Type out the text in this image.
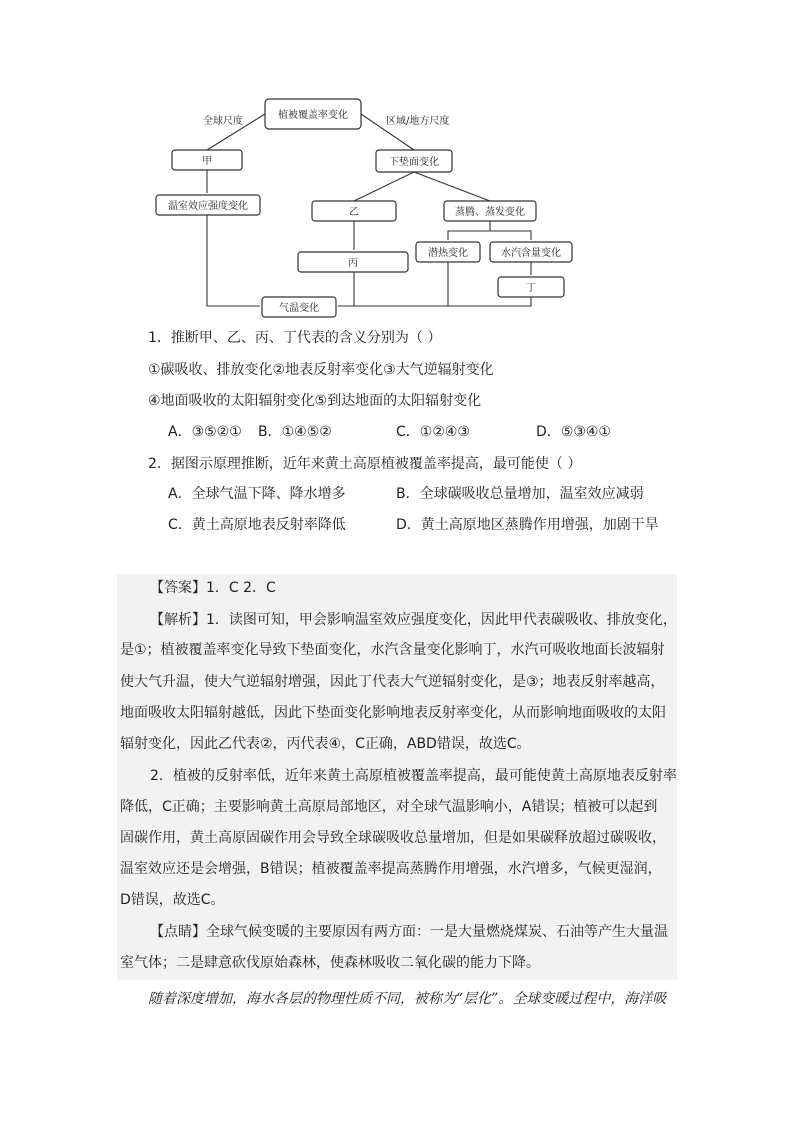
植被覆盖率变化
全球尺度	区域/地方尺度
甲
温室效应强度变化
下垫面变化
乙	蒸腾、蒸发变化
丙
潜热变化	水汽含量变化
丁
气温变化
1．推断甲、乙、丙、丁代表的含义分别为（ ）
①碳吸收、排放变化②地表反射率变化③大气逆辐射变化
④地面吸收的太阳辐射变化⑤到达地面的太阳辐射变化
A．③⑤②① B．①④⑤②	C．①②④③	D．⑤③④①
2．据图示原理推断，近年来黄土高原植被覆盖率提高，最可能使（ ）
A．全球气温下降、降水增多	B．全球碳吸收总量增加，温室效应减弱
C．黄土高原地表反射率降低	D．黄土高原地区蒸腾作用增强，加剧干旱
【答案】1．C 2．C
【解析】1．读图可知，甲会影响温室效应强度变化，因此甲代表碳吸收、排放变化，
是①；植被覆盖率变化导致下垫面变化，水汽含量变化影响丁，水汽可吸收地面长波辐射
使大气升温，使大气逆辐射增强，因此丁代表大气逆辐射变化，是③；地表反射率越高，
地面吸收太阳辐射越低，因此下垫面变化影响地表反射率变化，从而影响地面吸收的太阳
辐射变化，因此乙代表②，丙代表④，C正确，ABD错误，故选C。
2．植被的反射率低，近年来黄土高原植被覆盖率提高，最可能使黄土高原地表反射率
降低，C正确；主要影响黄土高原局部地区，对全球气温影响小，A错误；植被可以起到
固碳作用，黄土高原固碳作用会导致全球碳吸收总量增加，但是如果碳释放超过碳吸收，
温室效应还是会增强，B错误；植被覆盖率提高蒸腾作用增强，水汽增多，气候更湿润，
D错误，故选C。
【点睛】全球气候变暖的主要原因有两方面：一是大量燃烧煤炭、石油等产生大量温
室气体；二是肆意砍伐原始森林，使森林吸收二氧化碳的能力下降。
随着深度增加，海水各层的物理性质不同，被称为“层化”。全球变暖过程中，海洋吸
